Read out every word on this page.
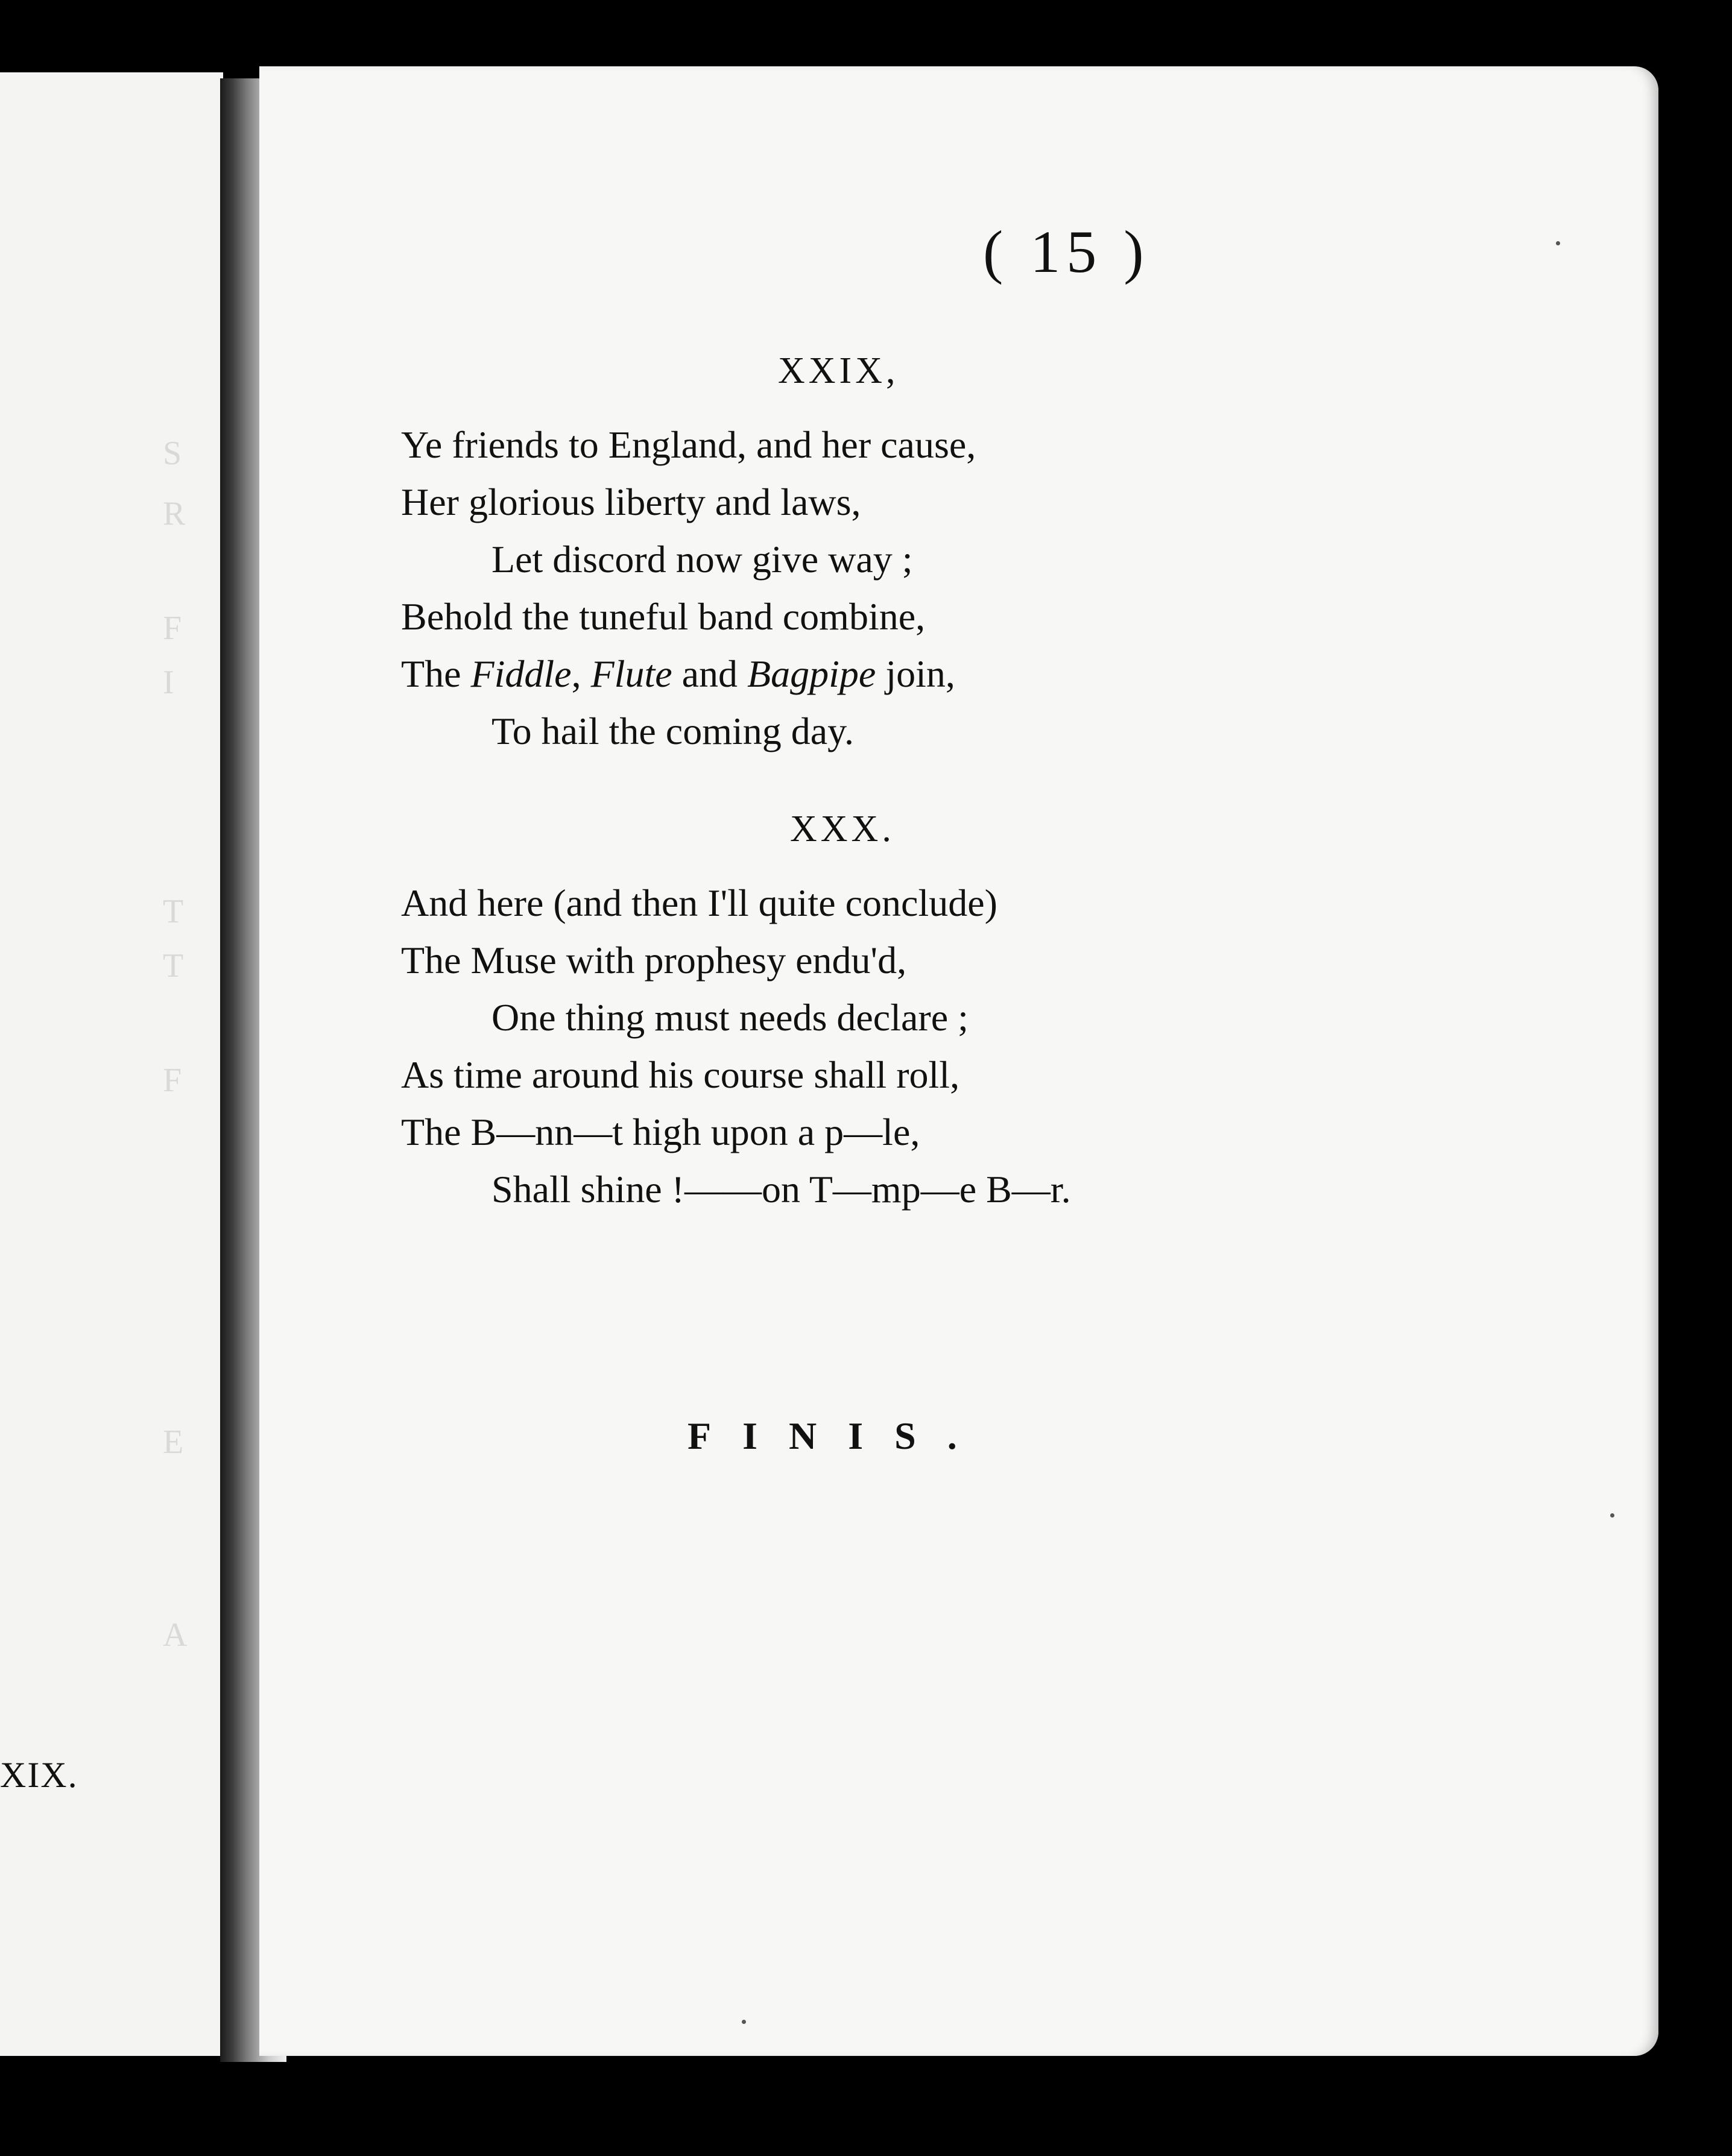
S
R
F
I
T
T
F
E
A
XIX.
( 15 )
XXIX,
Ye friends to England, and her cause,
Her glorious liberty and laws,
Let discord now give way ;
Behold the tuneful band combine,
The Fiddle, Flute and Bagpipe join,
To hail the coming day.
XXX.
And here (and then I'll quite conclude)
The Muse with prophesy endu'd,
One thing must needs declare ;
As time around his course shall roll,
The B—nn—t high upon a p—le,
Shall shine !——on T—mp—e B—r.
FINIS.
